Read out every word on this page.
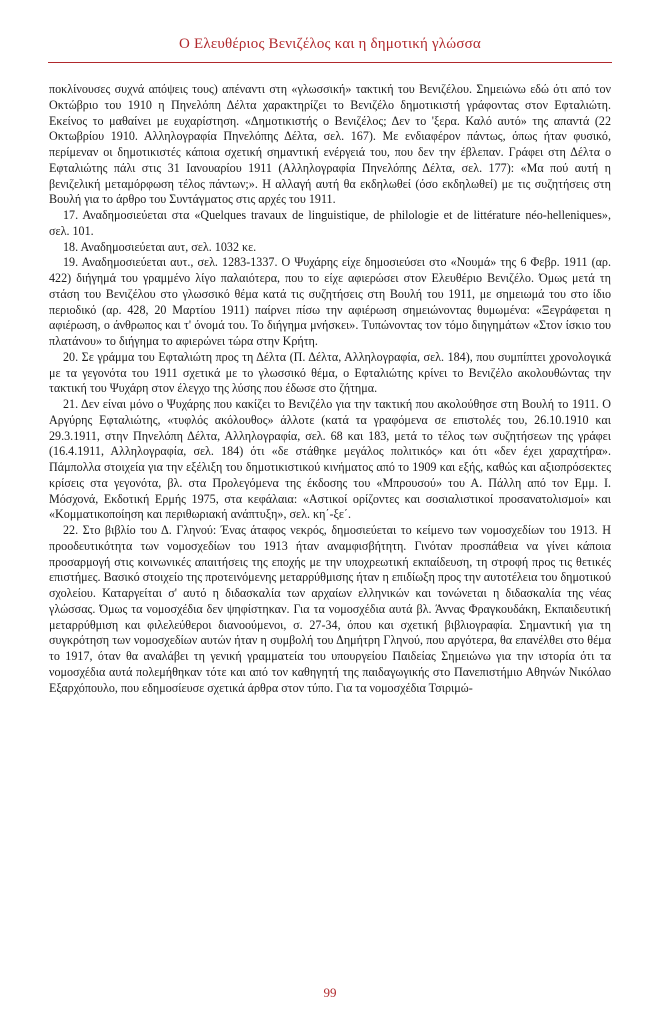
Ο Ελευθέριος Βενιζέλος και η δημοτική γλώσσα

ποκλίνουσες συχνά απόψεις τους) απέναντι στη «γλωσσική» τακτική του Βενιζέλου. Σημειώνω εδώ ότι από τον Οκτώβριο του 1910 η Πηνελόπη Δέλτα χαρακτηρίζει το Βενιζέλο δημοτικιστή γράφοντας στον Εφταλιώτη. Εκείνος το μαθαίνει με ευχαρίστηση. «Δημοτικιστής ο Βενιζέλος; Δεν το 'ξερα. Καλό αυτό» της απαντά (22 Οκτωβρίου 1910. Αλληλογραφία Πηνελόπης Δέλτα, σελ. 167). Με ενδιαφέρον πάντως, όπως ήταν φυσικό, περίμεναν οι δημοτικιστές κάποια σχετική σημαντική ενέργειά του, που δεν την έβλεπαν. Γράφει στη Δέλτα ο Εφταλιώτης πάλι στις 31 Ιανουαρίου 1911 (Αλληλογραφία Πηνελόπης Δέλτα, σελ. 177): «Μα πού αυτή η βενιζελική μεταμόρφωση τέλος πάντων;». Η αλλαγή αυτή θα εκδηλωθεί (όσο εκδηλωθεί) με τις συζητήσεις στη Βουλή για το άρθρο του Συντάγματος στις αρχές του 1911.

17. Αναδημοσιεύεται στα «Quelques travaux de linguistique, de philologie et de littérature néo-helleniques», σελ. 101.

18. Αναδημοσιεύεται αυτ, σελ. 1032 κε.

19. Αναδημοσιεύεται αυτ., σελ. 1283-1337. Ο Ψυχάρης είχε δημοσιεύσει στο «Νουμά» της 6 Φεβρ. 1911 (αρ. 422) διήγημά του γραμμένο λίγο παλαιότερα, που το είχε αφιερώσει στον Ελευθέριο Βενιζέλο. Όμως μετά τη στάση του Βενιζέλου στο γλωσσικό θέμα κατά τις συζητήσεις στη Βουλή του 1911, με σημειωμά του στο ίδιο περιοδικό (αρ. 428, 20 Μαρτίου 1911) παίρνει πίσω την αφιέρωση σημειώνοντας θυμωμένα: «Ξεγράφεται η αφιέρωση, ο άνθρωπος και τ' όνομά του. Το διήγημα μνήσκει». Τυπώνοντας τον τόμο διηγημάτων «Στον ίσκιο του πλατάνου» το διήγημα το αφιερώνει τώρα στην Κρήτη.

20. Σε γράμμα του Εφταλιώτη προς τη Δέλτα (Π. Δέλτα, Αλληλογραφία, σελ. 184), που συμπίπτει χρονολογικά με τα γεγονότα του 1911 σχετικά με το γλωσσικό θέμα, ο Εφταλιώτης κρίνει το Βενιζέλο ακολουθώντας την τακτική του Ψυχάρη στον έλεγχο της λύσης που έδωσε στο ζήτημα.

21. Δεν είναι μόνο ο Ψυχάρης που κακίζει το Βενιζέλο για την τακτική που ακολούθησε στη Βουλή το 1911. Ο Αργύρης Εφταλιώτης, «τυφλός ακόλουθος» άλλοτε (κατά τα γραφόμενα σε επιστολές του, 26.10.1910 και 29.3.1911, στην Πηνελόπη Δέλτα, Αλληλογραφία, σελ. 68 και 183, μετά το τέλος των συζητήσεων της γράφει (16.4.1911, Αλληλογραφία, σελ. 184) ότι «δε στάθηκε μεγάλος πολιτικός» και ότι «δεν έχει χαραχτήρα». Πάμπολλα στοιχεία για την εξέλιξη του δημοτικιστικού κινήματος από το 1909 και εξής, καθώς και αξιοπρόσεκτες κρίσεις στα γεγονότα, βλ. στα Προλεγόμενα της έκδοσης του «Μπρουσού» του Α. Πάλλη από τον Εμμ. Ι. Μόσχονά, Εκδοτική Ερμής 1975, στα κεφάλαια: «Αστικοί ορίζοντες και σοσιαλιστικοί προσανατολισμοί» και «Κομματικοποίηση και περιθωριακή ανάπτυξη», σελ. κη΄-ξε΄.

22. Στο βιβλίο του Δ. Γληνού: Ένας άταφος νεκρός, δημοσιεύεται το κείμενο των νομοσχεδίων του 1913. Η προοδευτικότητα των νομοσχεδίων του 1913 ήταν αναμφισβήτητη. Γινόταν προσπάθεια να γίνει κάποια προσαρμογή στις κοινωνικές απαιτήσεις της εποχής με την υποχρεωτική εκπαίδευση, τη στροφή προς τις θετικές επιστήμες. Βασικό στοιχείο της προτεινόμενης μεταρρύθμισης ήταν η επιδίωξη προς την αυτοτέλεια του δημοτικού σχολείου. Καταργείται σ' αυτό η διδασκαλία των αρχαίων ελληνικών και τονώνεται η διδασκαλία της νέας γλώσσας. Όμως τα νομοσχέδια δεν ψηφίστηκαν. Για τα νομοσχέδια αυτά βλ. Άννας Φραγκουδάκη, Εκπαιδευτική μεταρρύθμιση και φιλελεύθεροι διανοούμενοι, σ. 27-34, όπου και σχετική βιβλιογραφία. Σημαντική για τη συγκρότηση των νομοσχεδίων αυτών ήταν η συμβολή του Δημήτρη Γληνού, που αργότερα, θα επανέλθει στο θέμα το 1917, όταν θα αναλάβει τη γενική γραμματεία του υπουργείου Παιδείας Σημειώνω για την ιστορία ότι τα νομοσχέδια αυτά πολεμήθηκαν τότε και από τον καθηγητή της παιδαγωγικής στο Πανεπιστήμιο Αθηνών Νικόλαο Εξαρχόπουλο, που εδημοσίευσε σχετικά άρθρα στον τύπο. Για τα νομοσχέδια Τσιριμώ-

99
